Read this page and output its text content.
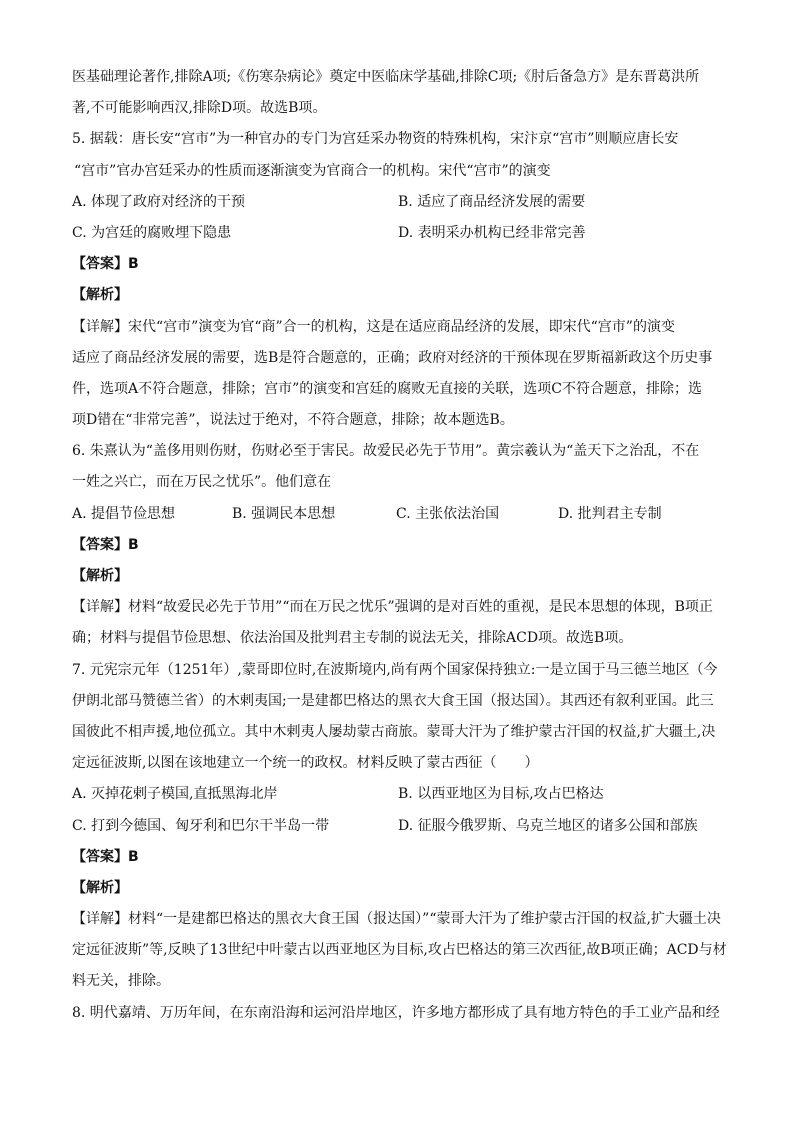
医基础理论著作,排除A项;《伤寒杂病论》奠定中医临床学基础,排除C项;《肘后备急方》是东晋葛洪所
著,不可能影响西汉,排除D项。故选B项。
5. 据载：唐长安“宫市”为一种官办的专门为宫廷采办物资的特殊机构，宋汴京“宫市”则顺应唐长安
“宫市”官办宫廷采办的性质而逐渐演变为官商合一的机构。宋代“宫市”的演变
A. 体现了政府对经济的干预	B. 适应了商品经济发展的需要
C. 为宫廷的腐败埋下隐患	D. 表明采办机构已经非常完善
【答案】B
【解析】
【详解】宋代“宫市”演变为官“商”合一的机构，这是在适应商品经济的发展，即宋代“宫市”的演变
适应了商品经济发展的需要，选B是符合题意的，正确；政府对经济的干预体现在罗斯福新政这个历史事
件，选项A不符合题意，排除；宫市”的演变和宫廷的腐败无直接的关联，选项C不符合题意，排除；选
项D错在“非常完善”，说法过于绝对，不符合题意，排除；故本题选B。
6. 朱熹认为“盖侈用则伤财，伤财必至于害民。故爱民必先于节用”。黄宗羲认为“盖天下之治乱，不在
一姓之兴亡，而在万民之忧乐”。他们意在
A. 提倡节俭思想	B. 强调民本思想	C. 主张依法治国	D. 批判君主专制
【答案】B
【解析】
【详解】材料“故爱民必先于节用”“而在万民之忧乐”强调的是对百姓的重视，是民本思想的体现，B项正
确；材料与提倡节俭思想、依法治国及批判君主专制的说法无关，排除ACD项。故选B项。
7. 元宪宗元年（1251年）,蒙哥即位时,在波斯境内,尚有两个国家保持独立:一是立国于马三德兰地区（今
伊朗北部马赞德兰省）的木剌夷国;一是建都巴格达的黑衣大食王国（报达国）。其西还有叙利亚国。此三
国彼此不相声援,地位孤立。其中木剌夷人屡劫蒙古商旅。蒙哥大汗为了维护蒙古汗国的权益,扩大疆土,决
定远征波斯,以图在该地建立一个统一的政权。材料反映了蒙古西征（　　）
A. 灭掉花剌子模国,直抵黑海北岸	B. 以西亚地区为目标,攻占巴格达
C. 打到今德国、匈牙利和巴尔干半岛一带	D. 征服今俄罗斯、乌克兰地区的诸多公国和部族
【答案】B
【解析】
【详解】材料“一是建都巴格达的黑衣大食王国（报达国）”“蒙哥大汗为了维护蒙古汗国的权益,扩大疆土决
定远征波斯”等,反映了13世纪中叶蒙古以西亚地区为目标,攻占巴格达的第三次西征,故B项正确；ACD与材
料无关，排除。
8. 明代嘉靖、万历年间，在东南沿海和运河沿岸地区，许多地方都形成了具有地方特色的手工业产品和经
